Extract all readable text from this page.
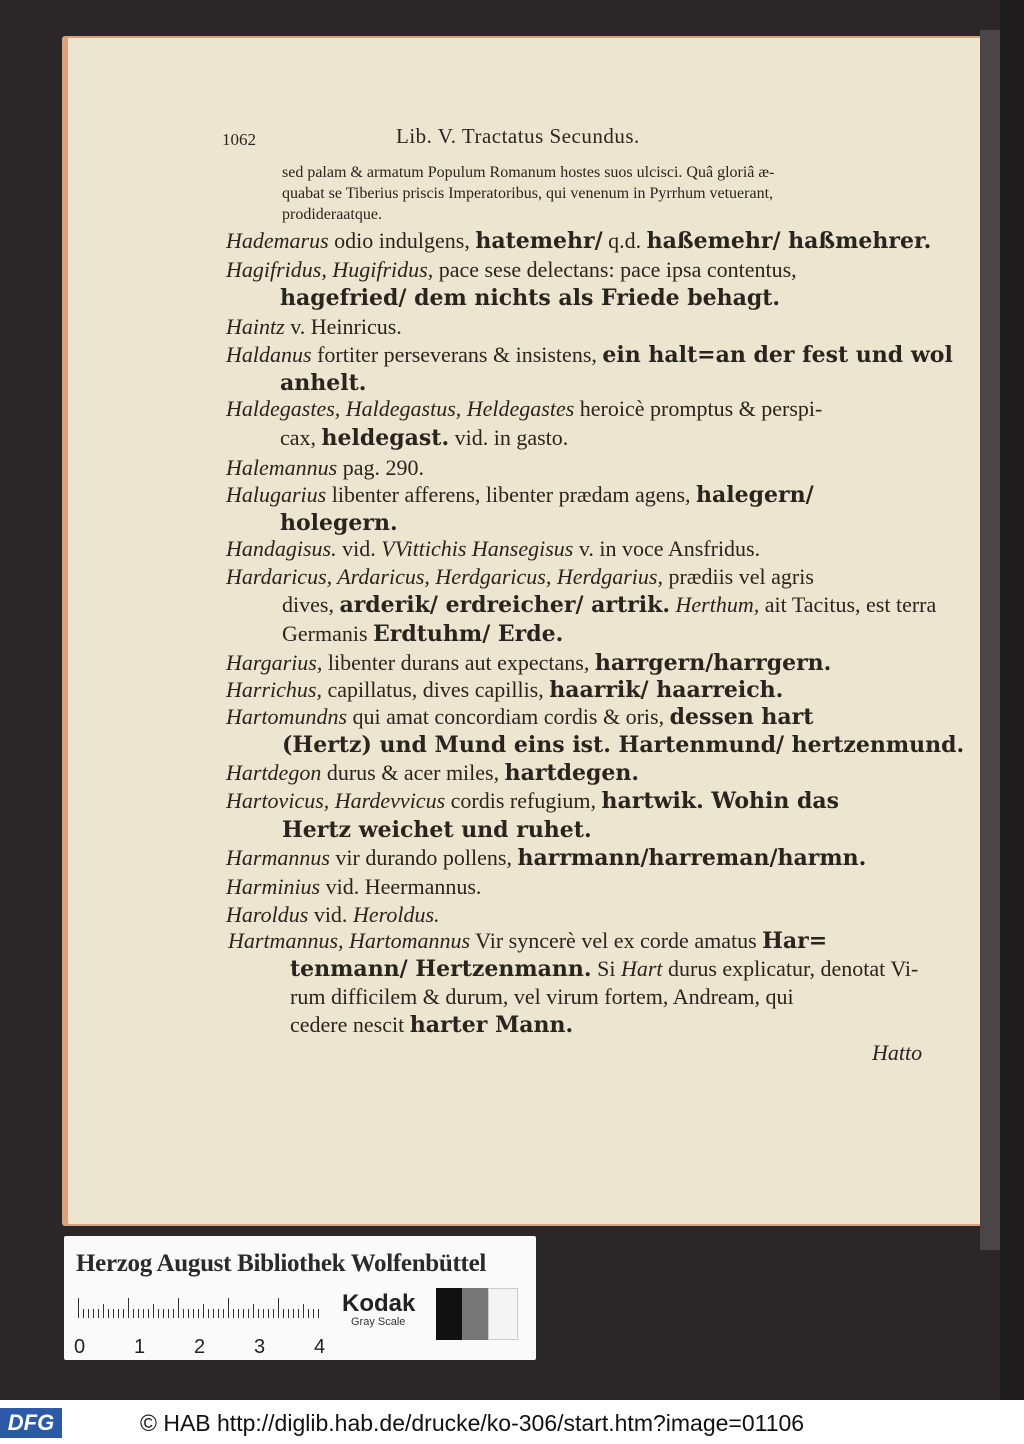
1062	Lib. V. Tractatus Secundus.
sed palam & armatum Populum Romanum hostes suos ulcisci. Quâ gloriâ æ-
quabat se Tiberius priscis Imperatoribus, qui venenum in Pyrrhum vetuerant,
prodideraatque.
Hademarus odio indulgens, hatemehr/ q.d. haßemehr/ haßmehrer.
Hagifridus, Hugifridus, pace sese delectans: pace ipsa contentus,
hagefried/ dem nichts als Friede behagt.
Haintz v. Heinricus.
Haldanus fortiter perseverans & insistens, ein halt=an der fest und wol
anhelt.
Haldegastes, Haldegastus, Heldegastes heroicè promptus & perspi-
cax, heldegast. vid. in gasto.
Halemannus pag. 290.
Halugarius libenter afferens, libenter prædam agens, halegern/
holegern.
Handagisus. vid. VVittichis Hansegisus v. in voce Ansfridus.
Hardaricus, Ardaricus, Herdgaricus, Herdgarius, prædiis vel agris
dives, arderik/ erdreicher/ artrik. Herthum, ait Tacitus, est terra
Germanis Erdtuhm/ Erde.
Hargarius, libenter durans aut expectans, harrgern/harrgern.
Harrichus, capillatus, dives capillis, haarrik/ haarreich.
Hartomundns qui amat concordiam cordis & oris, dessen hart
(Hertz) und Mund eins ist. Hartenmund/ hertzenmund.
Hartdegon durus & acer miles, hartdegen.
Hartovicus, Hardevvicus cordis refugium, hartwik. Wohin das
Hertz weichet und ruhet.
Harmannus vir durando pollens, harrmann/harreman/harmn.
Harminius vid. Heermannus.
Haroldus vid. Heroldus.
Hartmannus, Hartomannus Vir syncerè vel ex corde amatus Har=
tenmann/ Hertzenmann. Si Hart durus explicatur, denotat Vi-
rum difficilem & durum, vel virum fortem, Andream, qui
cedere nescit harter Mann.
Hatto
Herzog August Bibliothek Wolfenbüttel
0 1 2 3 4
Kodak
Gray Scale
DFG	© HAB http://diglib.hab.de/drucke/ko-306/start.htm?image=01106
